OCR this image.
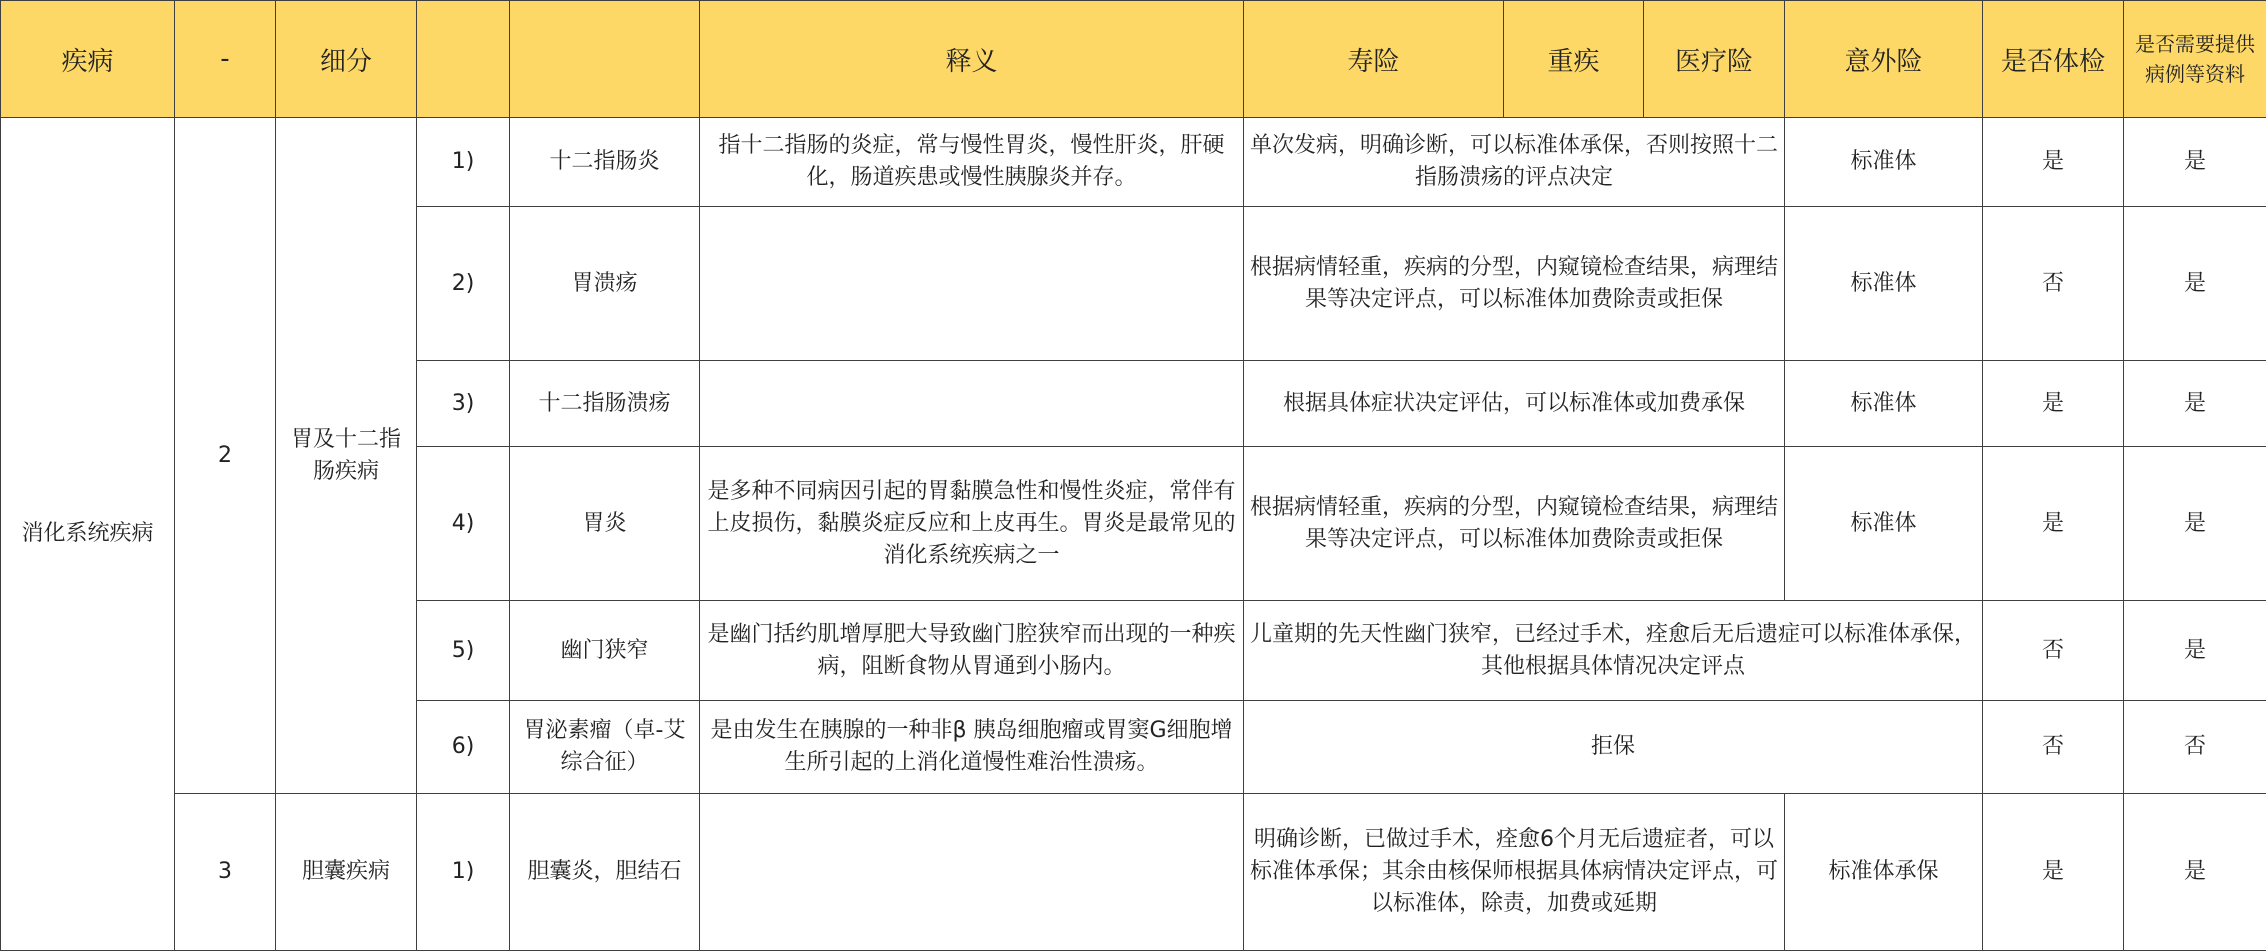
疾病	-	细分			释义	寿险	重疾	医疗险	意外险	是否体检	是否需要提供病例等资料
消化系统疾病	2	胃及十二指肠疾病	1)	十二指肠炎	指十二指肠的炎症，常与慢性胃炎，慢性肝炎，肝硬化，肠道疾患或慢性胰腺炎并存。	单次发病，明确诊断，可以标准体承保，否则按照十二指肠溃疡的评点决定			标准体	是	是
			2)	胃溃疡		根据病情轻重，疾病的分型，内窥镜检查结果，病理结果等决定评点，可以标准体加费除责或拒保			标准体	否	是
			3)	十二指肠溃疡		根据具体症状决定评估，可以标准体或加费承保			标准体	是	是
			4)	胃炎	是多种不同病因引起的胃黏膜急性和慢性炎症，常伴有上皮损伤，黏膜炎症反应和上皮再生。胃炎是最常见的消化系统疾病之一	根据病情轻重，疾病的分型，内窥镜检查结果，病理结果等决定评点，可以标准体加费除责或拒保			标准体	是	是
			5)	幽门狭窄	是幽门括约肌增厚肥大导致幽门腔狭窄而出现的一种疾病，阻断食物从胃通到小肠内。	儿童期的先天性幽门狭窄，已经过手术，痊愈后无后遗症可以标准体承保，其他根据具体情况决定评点				否	是
			6)	胃泌素瘤（卓-艾综合征）	是由发生在胰腺的一种非β 胰岛细胞瘤或胃窦G细胞增生所引起的上消化道慢性难治性溃疡。	拒保				否	否
	3	胆囊疾病	1)	胆囊炎，胆结石		明确诊断，已做过手术，痊愈6个月无后遗症者，可以标准体承保；其余由核保师根据具体病情决定评点，可以标准体，除责，加费或延期			标准体承保	是	是
